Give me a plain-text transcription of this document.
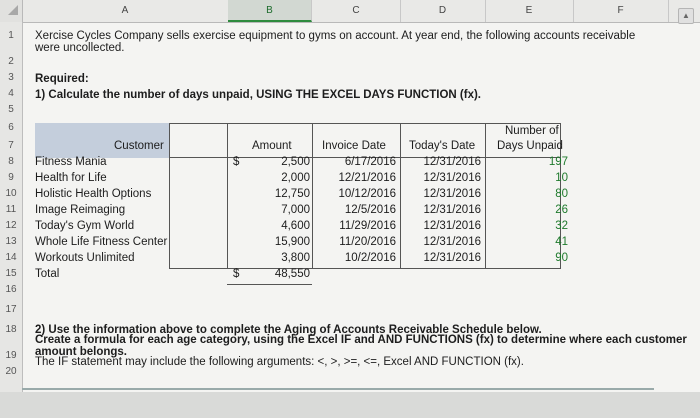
A	B	C	D	E	F	▲
1
2
3
4
5
6
7
8
9
10
11
12
13
14
15
16
17
18
19
20
Xercise Cycles Company sells exercise equipment to gyms on account. At year end, the following accounts receivable
were uncollected.
Required:
1) Calculate the number of days unpaid, USING THE EXCEL DAYS FUNCTION (fx).
Customer	Amount	Invoice Date Today's Date
Number of
Days Unpaid
Fitness Mania	$	2,500	6/17/2016 12/31/2016	197
Health for Life	2,000 12/21/2016 12/31/2016	10
Holistic Health Options	12,750 10/12/2016 12/31/2016	80
Image Reimaging	7,000	12/5/2016 12/31/2016	26
Today's Gym World	4,600	11/29/2016 12/31/2016	32
Whole Life Fitness Center	15,900	11/20/2016 12/31/2016	41
Workouts Unlimited	3,800	10/2/2016 12/31/2016	90
Total	$	48,550
2) Use the information above to complete the Aging of Accounts Receivable Schedule below.
Create a formula for each age category, using the Excel IF and AND FUNCTIONS (fx) to determine where each customer
amount belongs.
The IF statement may include the following arguments: <, >, >=, <=, Excel AND FUNCTION (fx).
